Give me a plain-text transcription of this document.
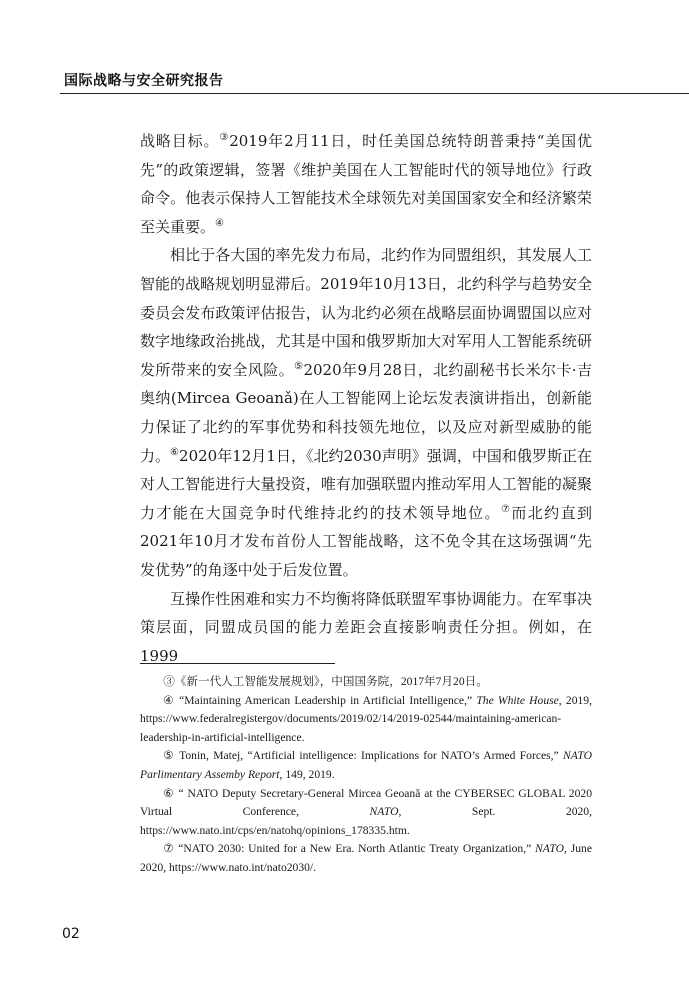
国际战略与安全研究报告

战略目标。③2019年2月11日，时任美国总统特朗普秉持“美国优先”的政策逻辑，签署《维护美国在人工智能时代的领导地位》行政命令。他表示保持人工智能技术全球领先对美国国家安全和经济繁荣至关重要。④

相比于各大国的率先发力布局，北约作为同盟组织，其发展人工智能的战略规划明显滞后。2019年10月13日，北约科学与趋势安全委员会发布政策评估报告，认为北约必须在战略层面协调盟国以应对数字地缘政治挑战，尤其是中国和俄罗斯加大对军用人工智能系统研发所带来的安全风险。⑤2020年9月28日，北约副秘书长米尔卡·吉奥纳(Mircea Geoanǎ)在人工智能网上论坛发表演讲指出，创新能力保证了北约的军事优势和科技领先地位，以及应对新型威胁的能力。⑥2020年12月1日，《北约2030声明》强调，中国和俄罗斯正在对人工智能进行大量投资，唯有加强联盟内推动军用人工智能的凝聚力才能在大国竞争时代维持北约的技术领导地位。⑦而北约直到2021年10月才发布首份人工智能战略，这不免令其在这场强调“先发优势”的角逐中处于后发位置。

互操作性困难和实力不均衡将降低联盟军事协调能力。在军事决策层面，同盟成员国的能力差距会直接影响责任分担。例如，在1999

③《新一代人工智能发展规划》，中国国务院，2017年7月20日。

④ “Maintaining American Leadership in Artificial Intelligence,” The White House, 2019, https://www.federalregistergov/documents/2019/02/14/2019-02544/maintaining-american-leadership-in-artificial-intelligence.

⑤ Tonin, Matej, “Artificial intelligence: Implications for NATO’s Armed Forces,” NATO Parlimentary Assemby Report, 149, 2019.

⑥ “ NATO Deputy Secretary-General Mircea Geoanǎ at the CYBERSEC GLOBAL 2020 Virtual Conference, NATO, Sept. 2020, https://www.nato.int/cps/en/natohq/opinions_178335.htm.

⑦ “NATO 2030: United for a New Era. North Atlantic Treaty Organization,” NATO, June 2020, https://www.nato.int/nato2030/.

02
